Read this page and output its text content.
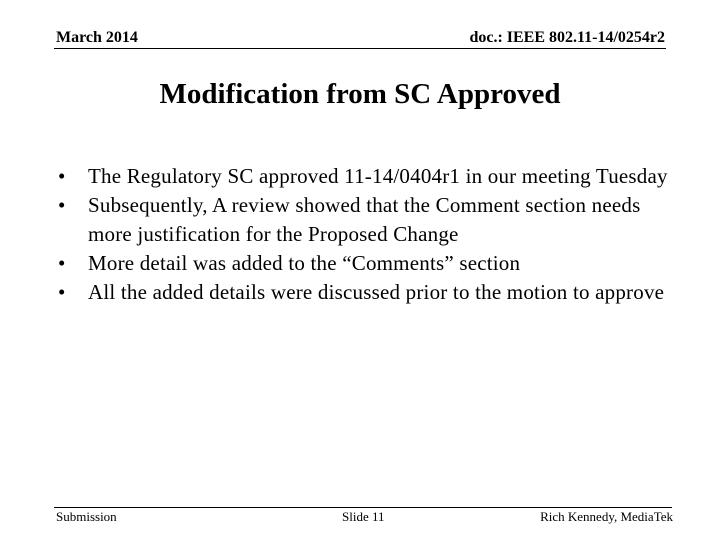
March 2014	doc.: IEEE 802.11-14/0254r2
Modification from SC Approved
•	The Regulatory SC approved 11-14/0404r1 in our meeting Tuesday
•	Subsequently, A review showed that the Comment section needs more justification for the Proposed Change
•	More detail was added to the “Comments” section
•	All the added details were discussed prior to the motion to approve
Submission	Slide 11	Rich Kennedy, MediaTek
